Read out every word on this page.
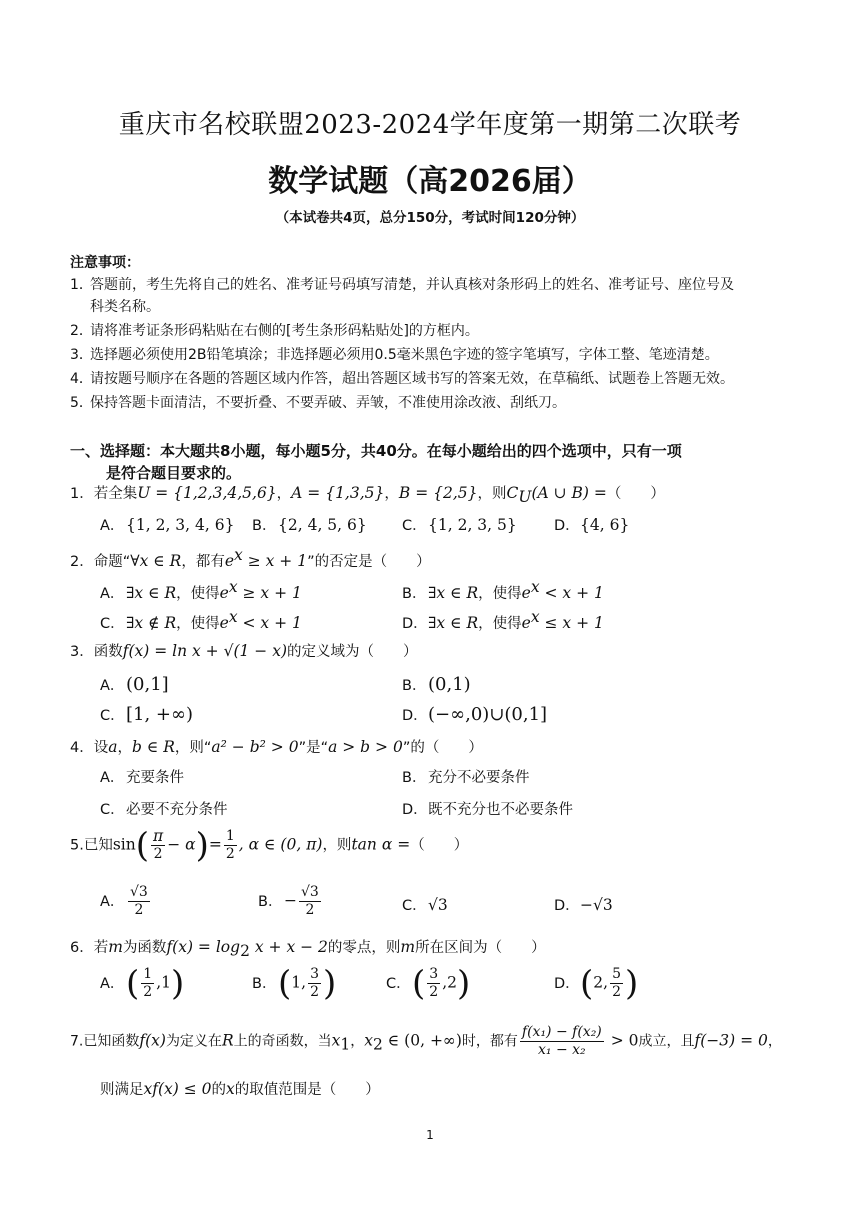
重庆市名校联盟2023-2024学年度第一期第二次联考
数学试题（高2026届）
（本试卷共4页，总分150分，考试时间120分钟）
注意事项：
1．答题前，考生先将自己的姓名、准考证号码填写清楚，并认真核对条形码上的姓名、准考证号、座位号及
科类名称。
2．请将准考证条形码粘贴在右侧的[考生条形码粘贴处]的方框内。
3．选择题必须使用2B铅笔填涂；非选择题必须用0.5毫米黑色字迹的签字笔填写，字体工整、笔迹清楚。
4．请按题号顺序在各题的答题区域内作答，超出答题区域书写的答案无效，在草稿纸、试题卷上答题无效。
5．保持答题卡面清洁，不要折叠、不要弄破、弄皱，不准使用涂改液、刮纸刀。
一、选择题：本大题共8小题，每小题5分，共40分。在每小题给出的四个选项中，只有一项
是符合题目要求的。
1．若全集U = {1,2,3,4,5,6}，A = {1,3,5}，B = {2,5}，则$C_U(A$ ∪ B) =（　　）
A． {1, 2, 3, 4, 6} B．{2, 4, 5, 6} C．{1, 2, 3, 5}	D．{4, 6}
2．命题“∀x ∈ R，都有$e^x \ge x + 1$”的否定是（　　）
A． ∃x ∈ R，使得$e^x \ge x + 1$	B．∃x ∈ R，使得$e^x < x + 1$
C．∃x ∉ R，使得$e^x < x + 1$	D．∃x ∈ R，使得$e^x \le x + 1$
3．函数f(x) = ln x + √(1 − x)的定义域为（　　）
A．(0,1]	B．(0,1)
C．[1, +∞)	D．(−∞,0)∪(0,1]
4．设a，b ∈ R，则“a² − b² > 0”是“a > b > 0”的（　　）
A． 充要条件	B． 充分不必要条件
C．必要不充分条件	D．既不充分也不必要条件
5.已知$\sin( \frac{\pi}{2} - \alpha)= \frac{1}{2}$ , α ∈ (0, π)，则tan α =（　　）
A． $\frac{√3}{2}$	B．− $\frac{√3}{2}$	C．√3	D．−√3
6．若m为函数$f(x) = \log_2 x + x - 2$的零点，则m所在区间为（　　）
A．( $\frac{1}{2} ,1$)	B．(1, $\frac{3}{2}$ )	C．( $\frac{3}{2} ,2$)	D．(2, $\frac{5}{2}$ )
7.已知函数f(x)为定义在R上的奇函数，当$x_1$，$x_2$ ∈ (0, +∞)时，都有 $\frac{\text{f(x₁) − f(x₂)}}{\text{x₁ − x₂}} > 0$成立，且f(−3) = 0，
则满足xf(x) ≤ 0的x的取值范围是（　　）
1
